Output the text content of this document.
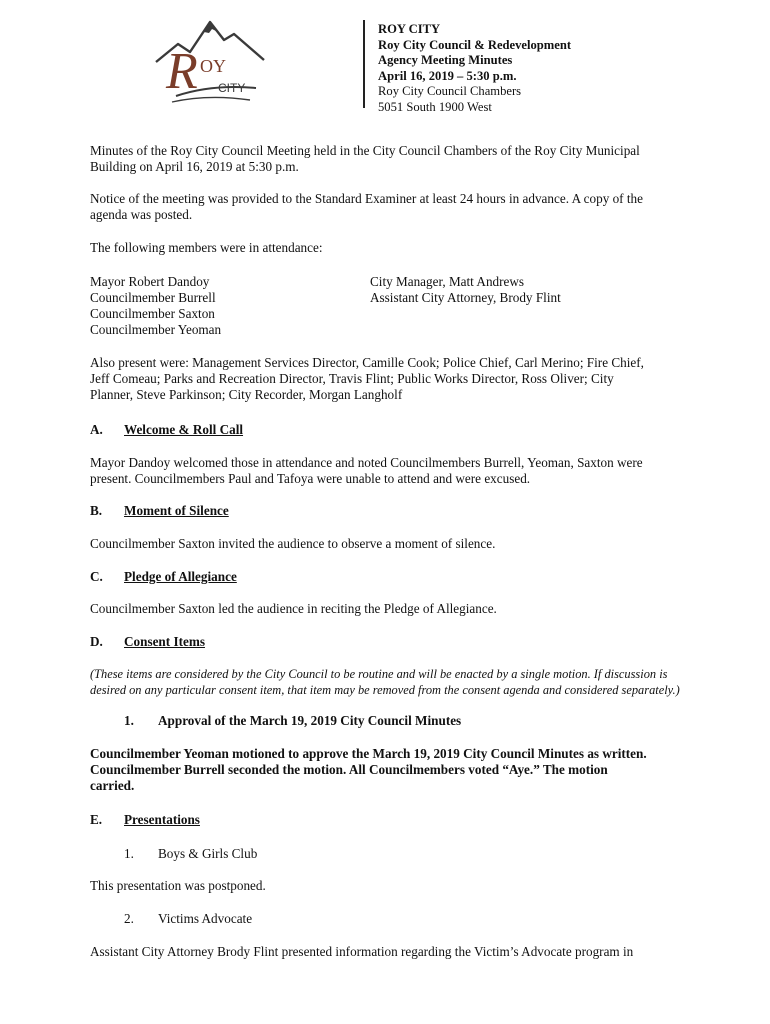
R OY
CITY
ROY CITY
Roy City Council & Redevelopment
Agency Meeting Minutes
April 16, 2019 – 5:30 p.m.
Roy City Council Chambers
5051 South 1900 West
Minutes of the Roy City Council Meeting held in the City Council Chambers of the Roy City Municipal
Building on April 16, 2019 at 5:30 p.m.
Notice of the meeting was provided to the Standard Examiner at least 24 hours in advance. A copy of the
agenda was posted.
The following members were in attendance:
Mayor Robert Dandoy
Councilmember Burrell
Councilmember Saxton
Councilmember Yeoman
City Manager, Matt Andrews
Assistant City Attorney, Brody Flint
Also present were: Management Services Director, Camille Cook; Police Chief, Carl Merino; Fire Chief,
Jeff Comeau; Parks and Recreation Director, Travis Flint; Public Works Director, Ross Oliver; City
Planner, Steve Parkinson; City Recorder, Morgan Langholf
A. Welcome & Roll Call
Mayor Dandoy welcomed those in attendance and noted Councilmembers Burrell, Yeoman, Saxton were
present. Councilmembers Paul and Tafoya were unable to attend and were excused.
B. Moment of Silence
Councilmember Saxton invited the audience to observe a moment of silence.
C. Pledge of Allegiance
Councilmember Saxton led the audience in reciting the Pledge of Allegiance.
D. Consent Items
(These items are considered by the City Council to be routine and will be enacted by a single motion. If discussion is
desired on any particular consent item, that item may be removed from the consent agenda and considered separately.)
1. Approval of the March 19, 2019 City Council Minutes
Councilmember Yeoman motioned to approve the March 19, 2019 City Council Minutes as written.
Councilmember Burrell seconded the motion. All Councilmembers voted “Aye.” The motion
carried.
E. Presentations
1. Boys & Girls Club
This presentation was postponed.
2. Victims Advocate
Assistant City Attorney Brody Flint presented information regarding the Victim’s Advocate program in
